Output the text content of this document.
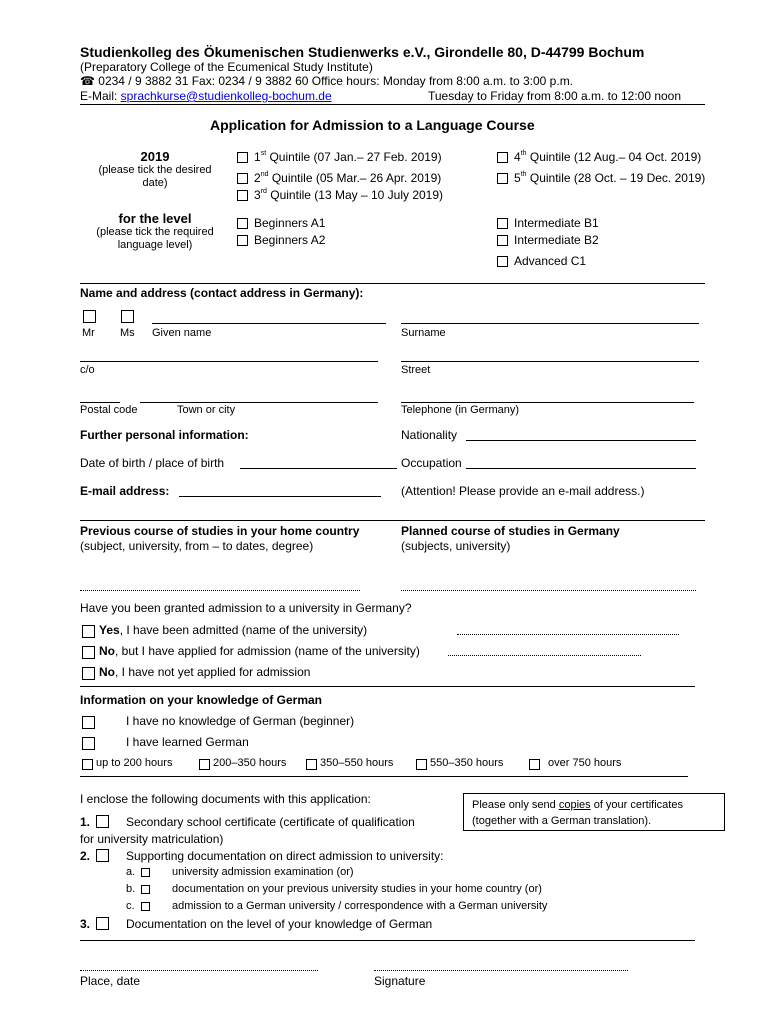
Studienkolleg des Ökumenischen Studienwerks e.V., Girondelle 80, D-44799 Bochum
(Preparatory College of the Ecumenical Study Institute)
☎ 0234 / 9 3882 31 Fax: 0234 / 9 3882 60 Office hours: Monday from 8:00 a.m. to 3:00 p.m.
E-Mail: sprachkurse@studienkolleg-bochum.de	Tuesday to Friday from 8:00 a.m. to 12:00 noon
Application for Admission to a Language Course
2019
(please tick the desired date)
1st Quintile (07 Jan.– 27 Feb. 2019)
2nd Quintile (05 Mar.– 26 Apr. 2019)
3rd Quintile (13 May – 10 July 2019)
4th Quintile (12 Aug.– 04 Oct. 2019)
5th Quintile (28 Oct. – 19 Dec. 2019)
for the level
(please tick the required language level)
Beginners A1
Beginners A2
Intermediate B1
Intermediate B2
Advanced C1
Name and address (contact address in Germany):
Mr Ms Given name	Surname
c/o	Street
Postal code	Town or city	Telephone (in Germany)
Further personal information:	Nationality
Date of birth / place of birth	Occupation
E-mail address:	(Attention! Please provide an e-mail address.)
Previous course of studies in your home country
(subject, university, from – to dates, degree)
Planned course of studies in Germany
(subjects, university)
Have you been granted admission to a university in Germany?
Yes, I have been admitted (name of the university)
No, but I have applied for admission (name of the university)
No, I have not yet applied for admission
Information on your knowledge of German
I have no knowledge of German (beginner)
I have learned German
up to 200 hours	200–350 hours	350–550 hours	550–350 hours	over 750 hours
I enclose the following documents with this application:	Please only send copies of your certificates
(together with a German translation).
1.	Secondary school certificate (certificate of qualification
for university matriculation)
2.	Supporting documentation on direct admission to university:
a.	university admission examination (or)
b.	documentation on your previous university studies in your home country (or)
c.	admission to a German university / correspondence with a German university
3.	Documentation on the level of your knowledge of German
Place, date	Signature
